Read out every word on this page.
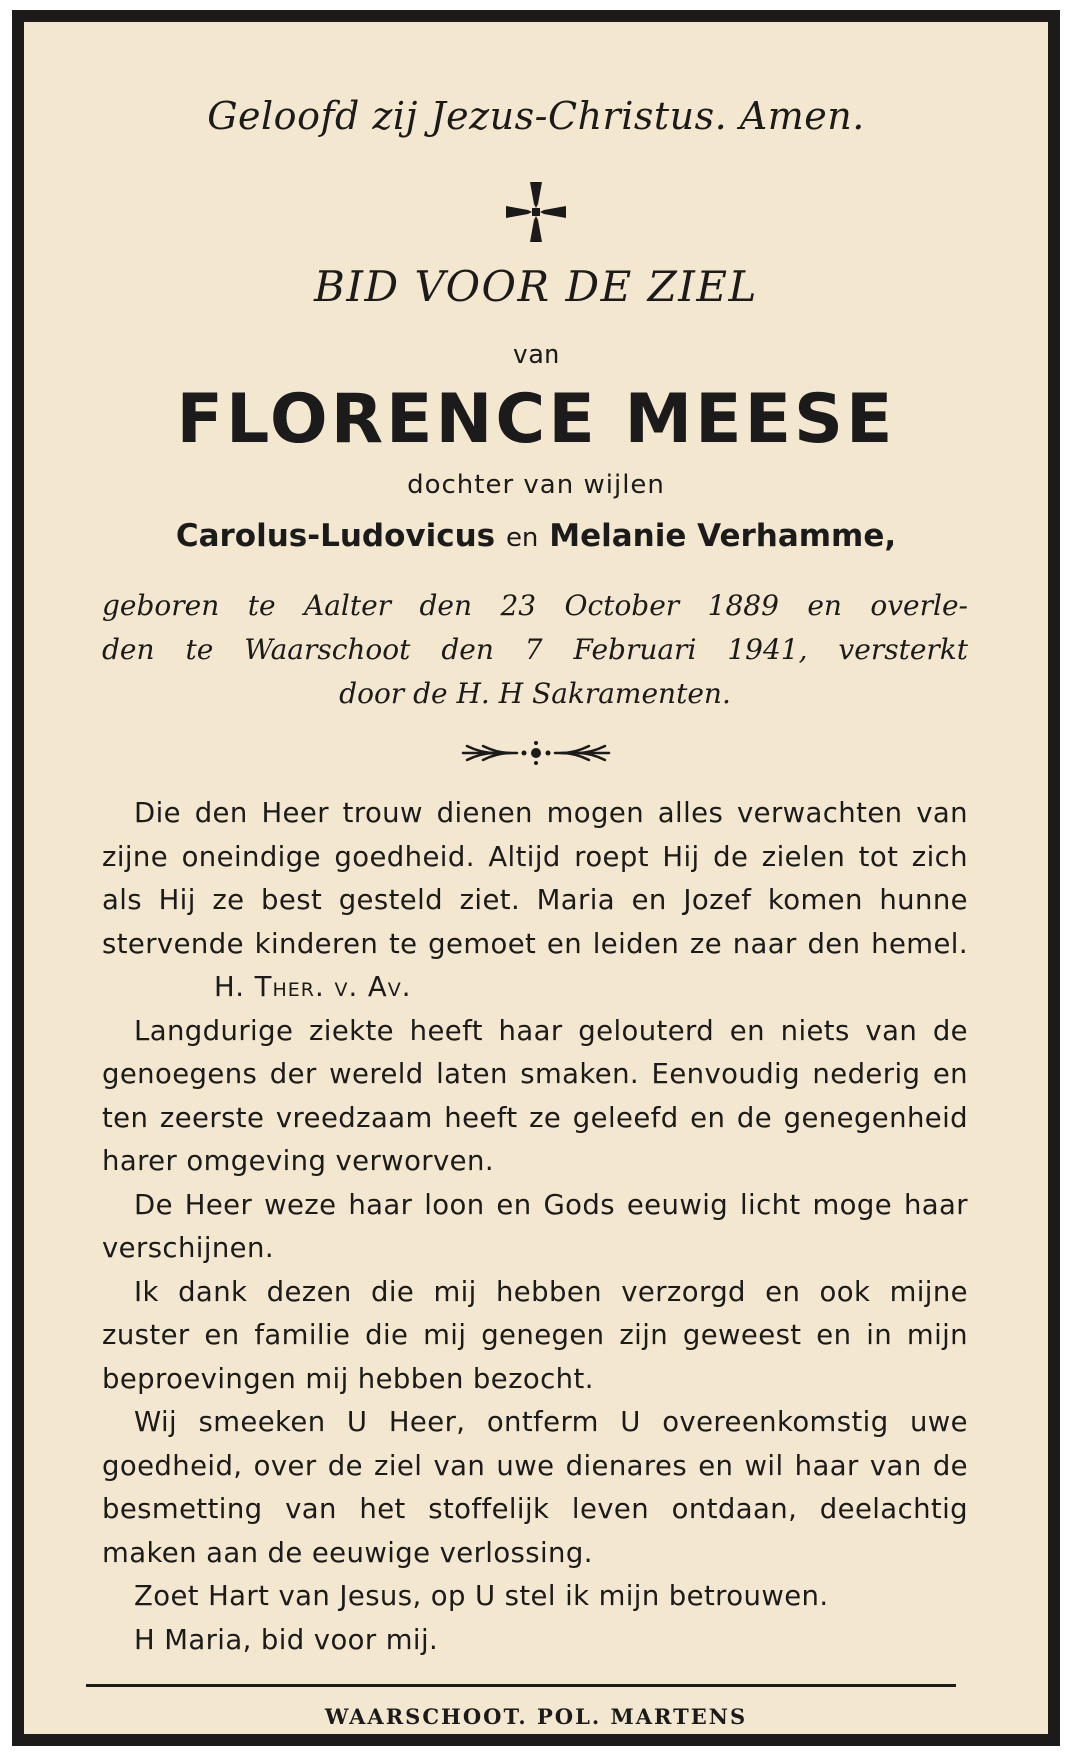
Geloofd zij Jezus-Christus. Amen.
BID VOOR DE ZIEL
van
FLORENCE MEESE
dochter van wijlen
Carolus-Ludovicus en Melanie Verhamme,
geboren te Aalter den 23 October 1889 en overle-
den te Waarschoot den 7 Februari 1941, versterkt
door de H. H Sakramenten.

Die den Heer trouw dienen mogen alles verwachten van zijne oneindige goedheid. Altijd roept Hij de zielen tot zich als Hij ze best gesteld ziet. Maria en Jozef komen hunne stervende kinderen te gemoet en leiden ze naar den hemel.H. Ther. v. Av.

Langdurige ziekte heeft haar gelouterd en niets van de genoegens der wereld laten smaken. Eenvoudig nederig en ten zeerste vreedzaam heeft ze geleefd en de genegenheid harer omgeving verworven.

De Heer weze haar loon en Gods eeuwig licht moge haar verschijnen.

Ik dank dezen die mij hebben verzorgd en ook mijne zuster en familie die mij genegen zijn geweest en in mijn beproevingen mij hebben bezocht.

Wij smeeken U Heer, ontferm U overeenkomstig uwe goedheid, over de ziel van uwe dienares en wil haar van de besmetting van het stoffelijk leven ontdaan, deelachtig maken aan de eeuwige verlossing.

Zoet Hart van Jesus, op U stel ik mijn betrouwen.

H Maria, bid voor mij.

WAARSCHOOT. POL. MARTENS
